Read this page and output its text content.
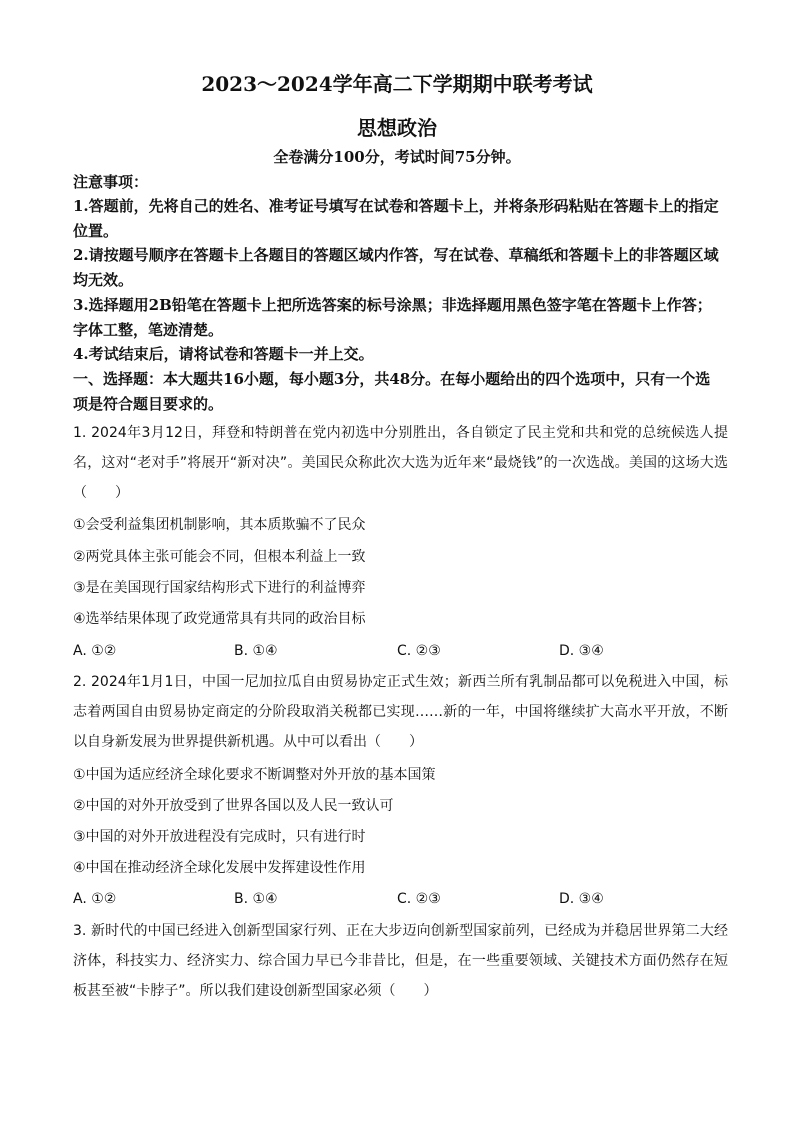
2023～2024学年高二下学期期中联考考试
思想政治
全卷满分100分，考试时间75分钟。
注意事项：
1.答题前，先将自己的姓名、准考证号填写在试卷和答题卡上，并将条形码粘贴在答题卡上的指定位置。
2.请按题号顺序在答题卡上各题目的答题区域内作答，写在试卷、草稿纸和答题卡上的非答题区域均无效。
3.选择题用2B铅笔在答题卡上把所选答案的标号涂黑；非选择题用黑色签字笔在答题卡上作答；字体工整，笔迹清楚。
4.考试结束后，请将试卷和答题卡一并上交。
一、选择题：本大题共16小题，每小题3分，共48分。在每小题给出的四个选项中，只有一个选项是符合题目要求的。
1. 2024年3月12日，拜登和特朗普在党内初选中分别胜出，各自锁定了民主党和共和党的总统候选人提名，这对“老对手”将展开“新对决”。美国民众称此次大选为近年来“最烧钱”的一次选战。美国的这场大选（　　）
①会受利益集团机制影响，其本质欺骗不了民众
②两党具体主张可能会不同，但根本利益上一致
③是在美国现行国家结构形式下进行的利益博弈
④选举结果体现了政党通常具有共同的政治目标
A. ①②	B. ①④	C. ②③	D. ③④
2. 2024年1月1日，中国一尼加拉瓜自由贸易协定正式生效；新西兰所有乳制品都可以免税进入中国，标志着两国自由贸易协定商定的分阶段取消关税都已实现……新的一年，中国将继续扩大高水平开放，不断以自身新发展为世界提供新机遇。从中可以看出（　　）
①中国为适应经济全球化要求不断调整对外开放的基本国策
②中国的对外开放受到了世界各国以及人民一致认可
③中国的对外开放进程没有完成时，只有进行时
④中国在推动经济全球化发展中发挥建设性作用
A. ①②	B. ①④	C. ②③	D. ③④
3. 新时代的中国已经进入创新型国家行列、正在大步迈向创新型国家前列，已经成为并稳居世界第二大经济体，科技实力、经济实力、综合国力早已今非昔比，但是，在一些重要领域、关键技术方面仍然存在短板甚至被“卡脖子”。所以我们建设创新型国家必须（　　）
